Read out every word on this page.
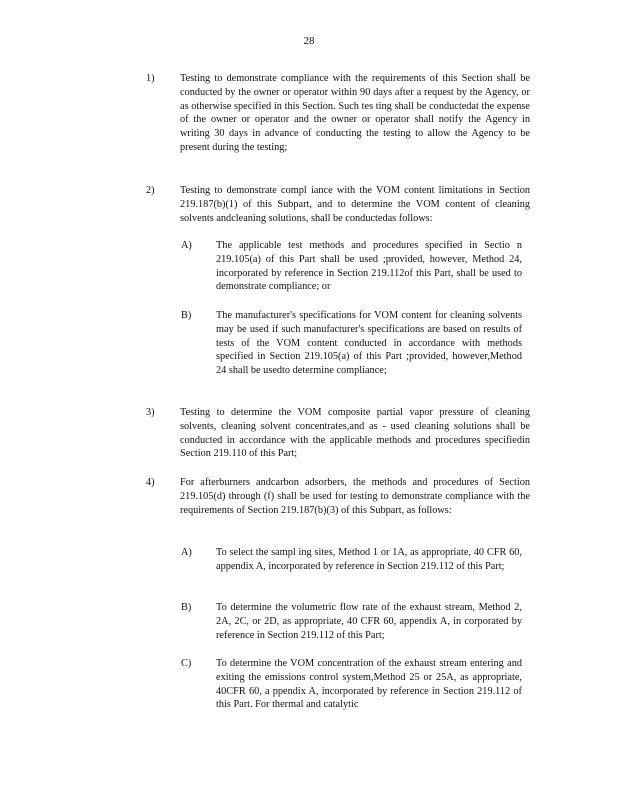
28
1)	Testing to demonstrate compliance with the requirements of this Section shall be conducted by the owner or operator within 90 days after a request by the Agency, or as otherwise specified in this Section. Such tes ting shall be conductedat the expense of the owner or operator and the owner or operator shall notify the Agency in writing 30 days in advance of conducting the testing to allow the Agency to be present during the testing;
2)	Testing to demonstrate compl iance with the VOM content limitations in Section 219.187(b)(1) of this Subpart, and to determine the VOM content of cleaning solvents andcleaning solutions, shall be conductedas follows:
A)	The applicable test methods and procedures specified in Sectio n 219.105(a) of this Part shall be used ;provided, however, Method 24, incorporated by reference in Section 219.112of this Part, shall be used to demonstrate compliance; or
B)	The manufacturer's specifications for VOM content for cleaning solvents may be used if such manufacturer's specifications are based on results of tests of the VOM content conducted in accordance with methods specified in Section 219.105(a) of this Part ;provided, however,Method 24 shall be usedto determine compliance;
3)	Testing to determine the VOM composite partial vapor pressure of cleaning solvents, cleaning solvent concentrates,and as - used cleaning solutions shall be conducted in accordance with the applicable methods and procedures specifiedin Section 219.110 of this Part;
4)	For afterburners andcarbon adsorbers, the methods and procedures of Section 219.105(d) through (f) shall be used for testing to demonstrate compliance with the requirements of Section 219.187(b)(3) of this Subpart, as follows:
A)	To select the sampl ing sites, Method 1 or 1A, as appropriate, 40 CFR 60, appendix A, incorporated by reference in Section 219.112 of this Part;
B)	To determine the volumetric flow rate of the exhaust stream, Method 2, 2A, 2C, or 2D, as appropriate, 40 CFR 60, appendix A, in corporated by reference in Section 219.112 of this Part;
C)	To determine the VOM concentration of the exhaust stream entering and exiting the emissions control system,Method 25 or 25A, as appropriate, 40CFR 60, a ppendix A, incorporated by reference in Section 219.112 of this Part. For thermal and catalytic
